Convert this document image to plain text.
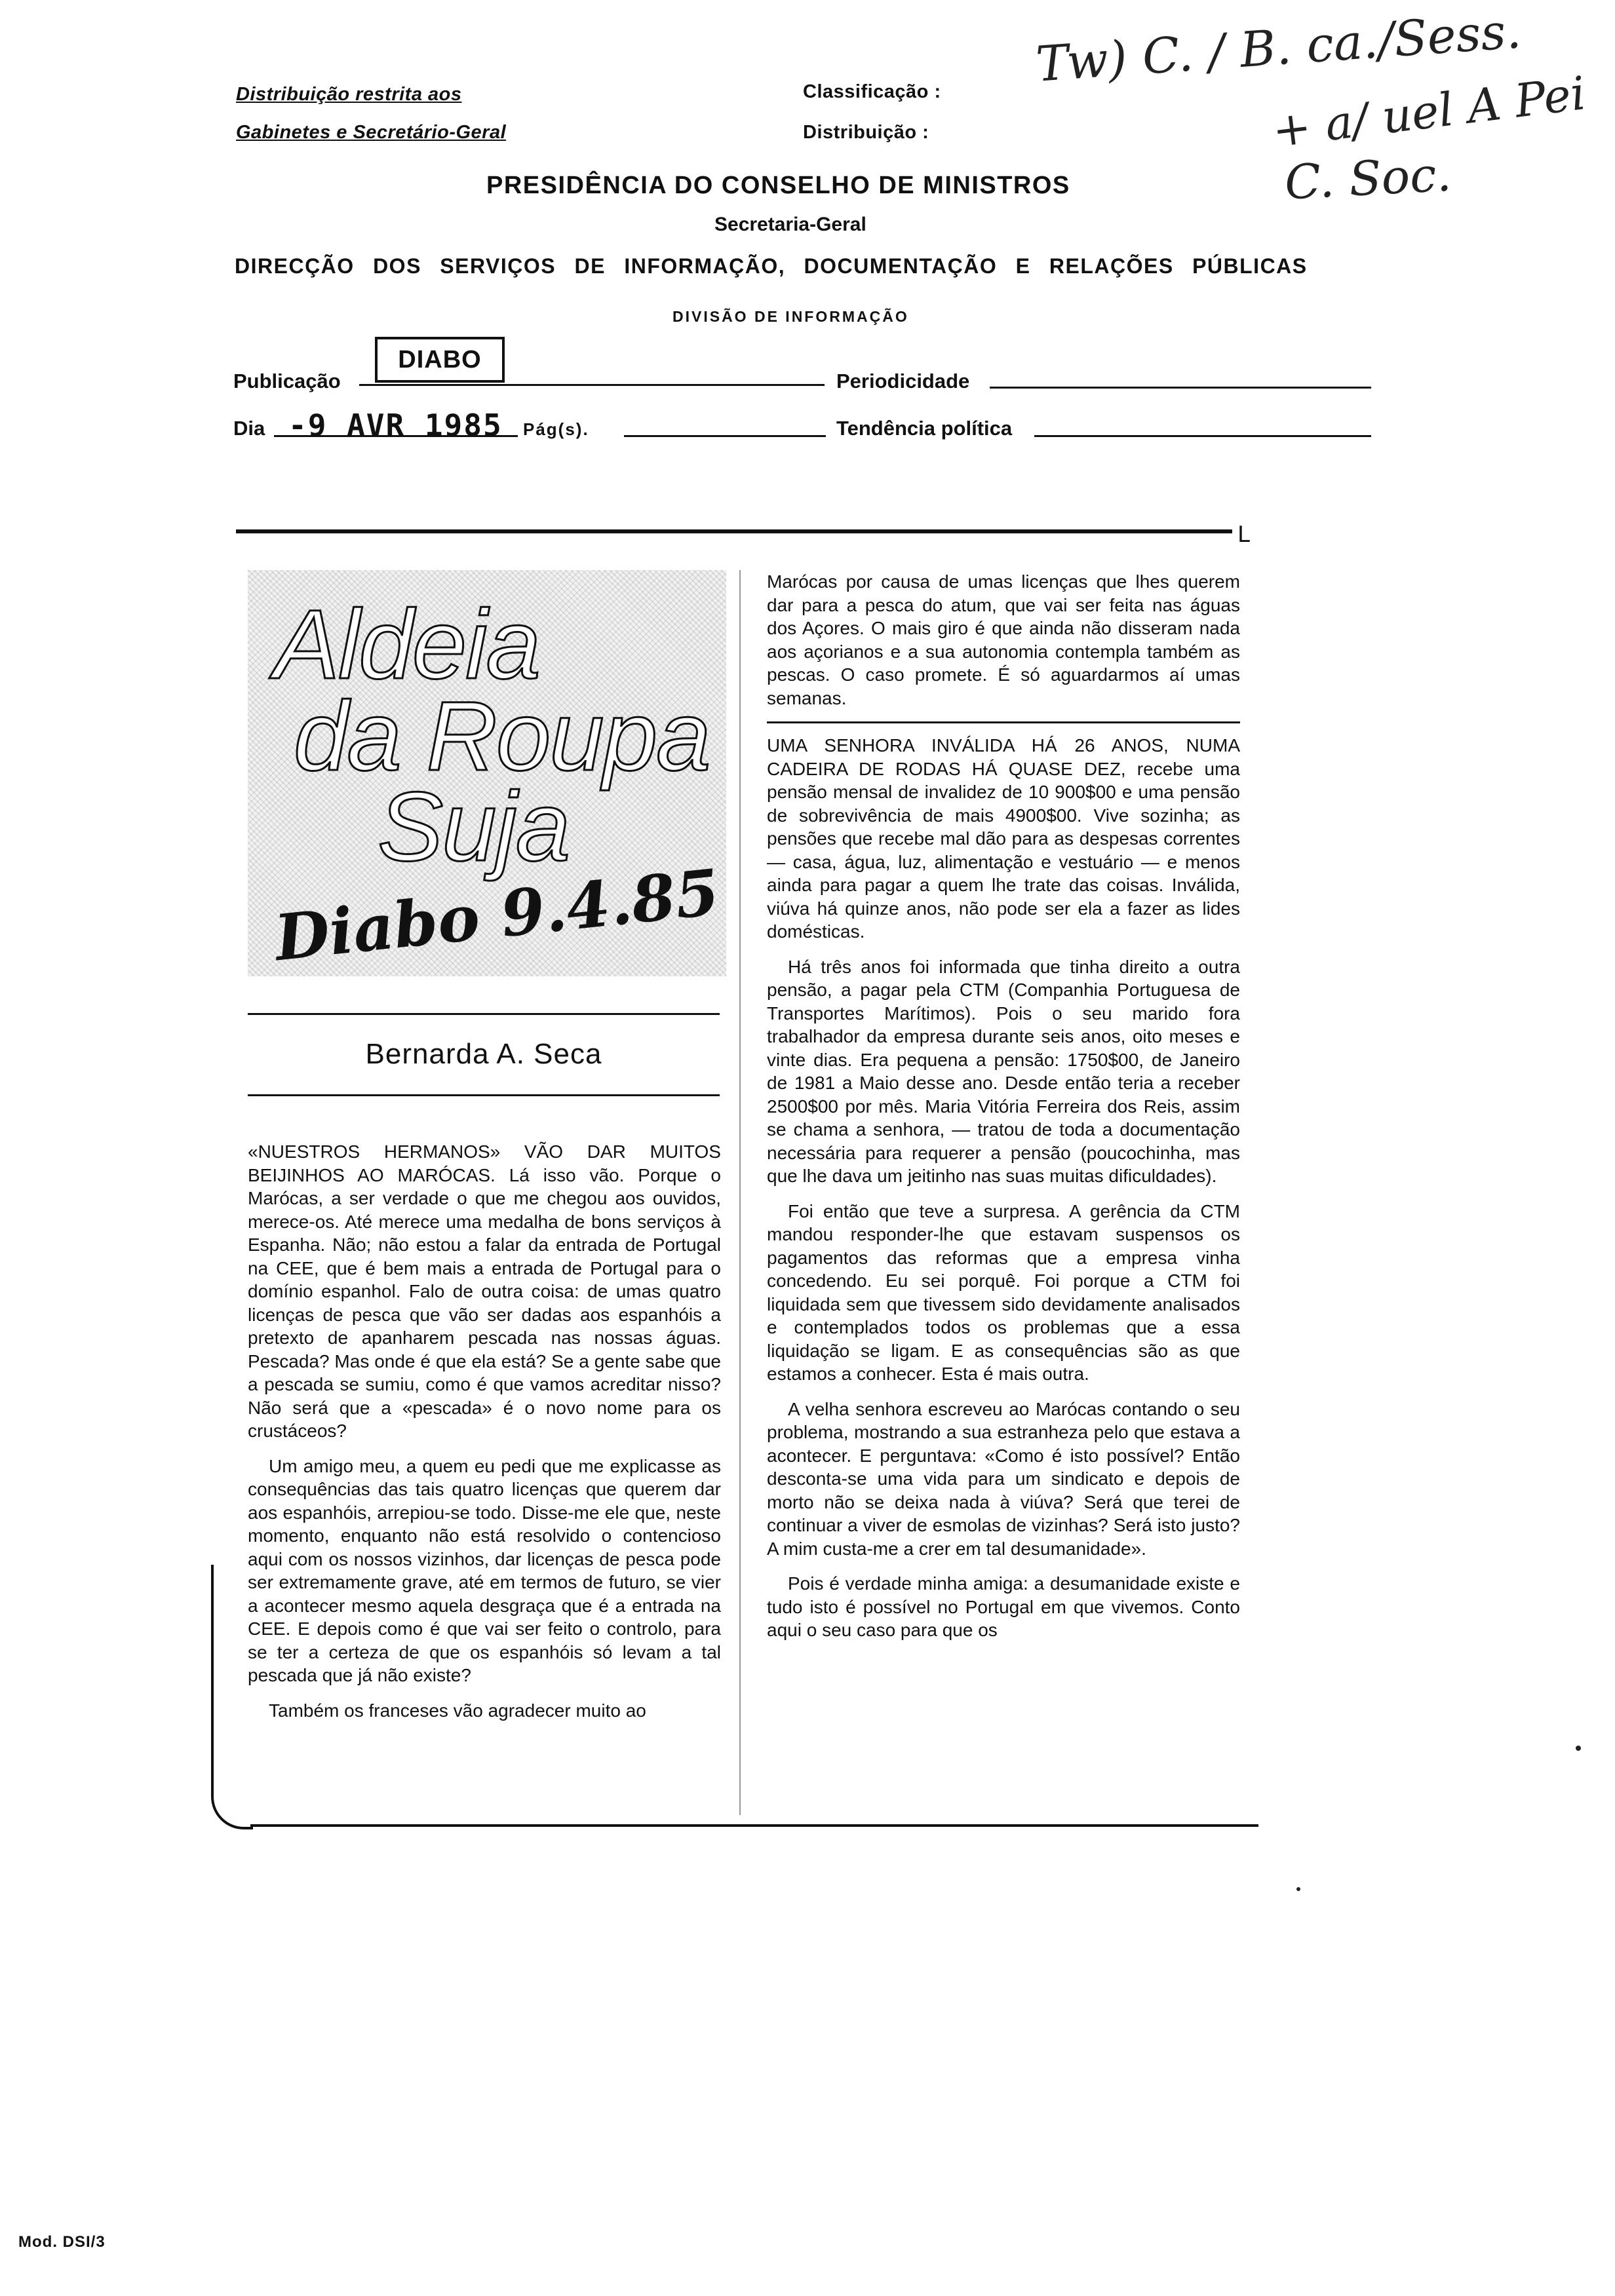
Distribuição restrita aos
Gabinetes e Secretário-Geral
Classificação :
Distribuição :
Tw) C. / B. ca./Sess.
+ a/ uel A Pei
C. Soc.
PRESIDÊNCIA DO CONSELHO DE MINISTROS
Secretaria-Geral
DIRECÇÃO DOS SERVIÇOS DE INFORMAÇÃO, DOCUMENTAÇÃO E RELAÇÕES PÚBLICAS
DIVISÃO DE INFORMAÇÃO
Publicação
DIABO
Periodicidade
Dia -9 AVR 1985 Pág(s).	Tendência política
L
Aldeia
da Roupa
Suja
Diabo 9.4.85
Bernarda A. Seca

«NUESTROS HERMANOS» VÃO DAR MUITOS BEIJINHOS AO MARÓCAS. Lá isso vão. Porque o Marócas, a ser verdade o que me chegou aos ouvidos, merece-os. Até merece uma medalha de bons serviços à Espanha. Não; não estou a falar da entrada de Portugal na CEE, que é bem mais a entrada de Portugal para o domínio espanhol. Falo de outra coisa: de umas quatro licenças de pesca que vão ser dadas aos espanhóis a pretexto de apanharem pescada nas nossas águas. Pescada? Mas onde é que ela está? Se a gente sabe que a pescada se sumiu, como é que vamos acreditar nisso? Não será que a «pescada» é o novo nome para os crustáceos?

Um amigo meu, a quem eu pedi que me explicasse as consequências das tais quatro licenças que querem dar aos espanhóis, arrepiou-se todo. Disse-me ele que, neste momento, enquanto não está resolvido o contencioso aqui com os nossos vizinhos, dar licenças de pesca pode ser extremamente grave, até em termos de futuro, se vier a acontecer mesmo aquela desgraça que é a entrada na CEE. E depois como é que vai ser feito o controlo, para se ter a certeza de que os espanhóis só levam a tal pescada que já não existe?

Também os franceses vão agradecer muito ao

Marócas por causa de umas licenças que lhes querem dar para a pesca do atum, que vai ser feita nas águas dos Açores. O mais giro é que ainda não disseram nada aos açorianos e a sua autonomia contempla também as pescas. O caso promete. É só aguardarmos aí umas semanas.

UMA SENHORA INVÁLIDA HÁ 26 ANOS, NUMA CADEIRA DE RODAS HÁ QUASE DEZ, recebe uma pensão mensal de invalidez de 10 900$00 e uma pensão de sobrevivência de mais 4900$00. Vive sozinha; as pensões que recebe mal dão para as despesas correntes — casa, água, luz, alimentação e vestuário — e menos ainda para pagar a quem lhe trate das coisas. Inválida, viúva há quinze anos, não pode ser ela a fazer as lides domésticas.

Há três anos foi informada que tinha direito a outra pensão, a pagar pela CTM (Companhia Portuguesa de Transportes Marítimos). Pois o seu marido fora trabalhador da empresa durante seis anos, oito meses e vinte dias. Era pequena a pensão: 1750$00, de Janeiro de 1981 a Maio desse ano. Desde então teria a receber 2500$00 por mês. Maria Vitória Ferreira dos Reis, assim se chama a senhora, — tratou de toda a documentação necessária para requerer a pensão (poucochinha, mas que lhe dava um jeitinho nas suas muitas dificuldades).

Foi então que teve a surpresa. A gerência da CTM mandou responder-lhe que estavam suspensos os pagamentos das reformas que a empresa vinha concedendo. Eu sei porquê. Foi porque a CTM foi liquidada sem que tivessem sido devidamente analisados e contemplados todos os problemas que a essa liquidação se ligam. E as consequências são as que estamos a conhecer. Esta é mais outra.

A velha senhora escreveu ao Marócas contando o seu problema, mostrando a sua estranheza pelo que estava a acontecer. E perguntava: «Como é isto possível? Então desconta-se uma vida para um sindicato e depois de morto não se deixa nada à viúva? Será que terei de continuar a viver de esmolas de vizinhas? Será isto justo? A mim custa-me a crer em tal desumanidade».

Pois é verdade minha amiga: a desumanidade existe e tudo isto é possível no Portugal em que vivemos. Conto aqui o seu caso para que os

Mod. DSI/3
